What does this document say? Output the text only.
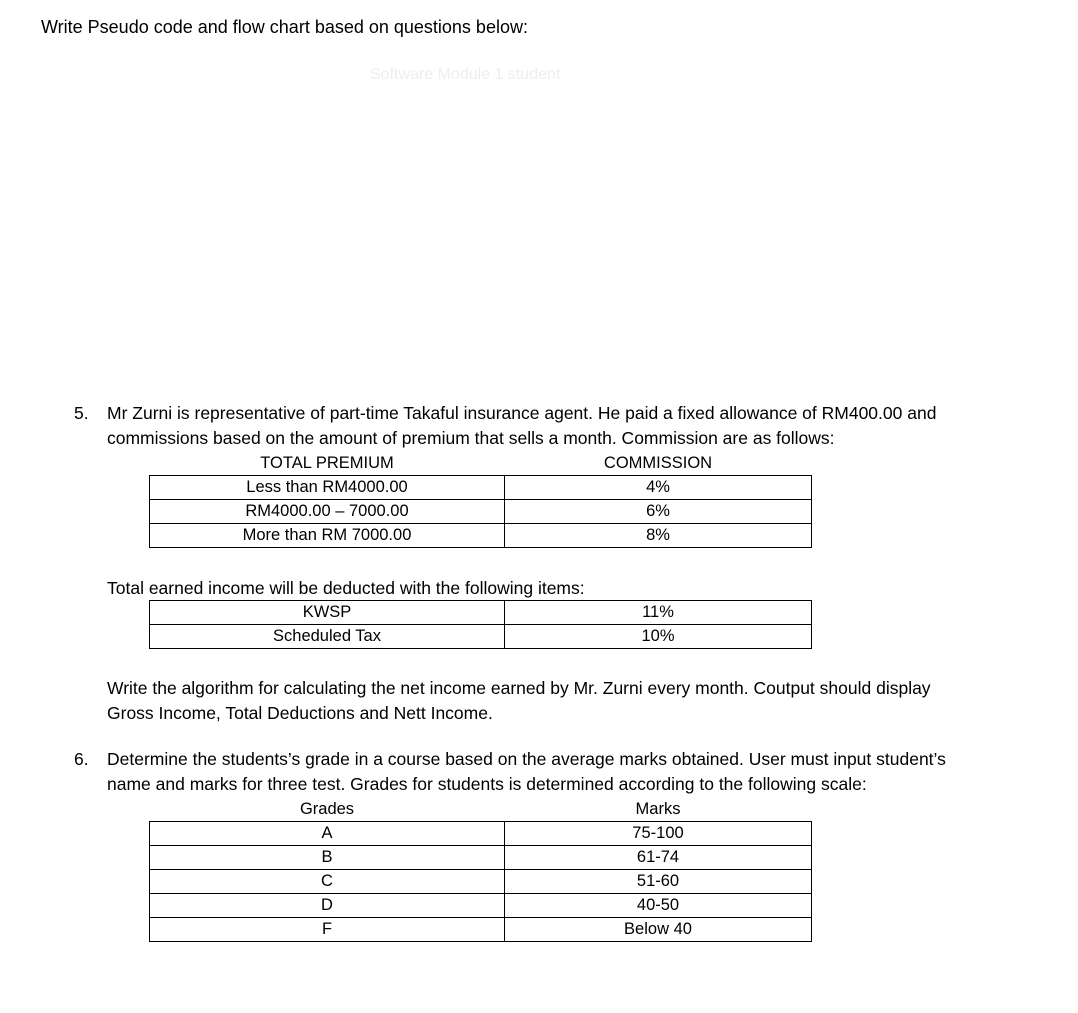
Write Pseudo code and flow chart based on questions below:
Software Module 1 student
5. Mr Zurni is representative of part-time Takaful insurance agent. He paid a fixed allowance of RM400.00 and
commissions based on the amount of premium that sells a month. Commission are as follows:
TOTAL PREMIUM	COMMISSION
Less than RM4000.00	4%
RM4000.00 – 7000.00	6%
More than RM 7000.00	8%
Total earned income will be deducted with the following items:
KWSP	11%
Scheduled Tax	10%
Write the algorithm for calculating the net income earned by Mr. Zurni every month. Coutput should display
Gross Income, Total Deductions and Nett Income.
6. Determine the students’s grade in a course based on the average marks obtained. User must input student’s
name and marks for three test. Grades for students is determined according to the following scale:
Grades	Marks
A	75-100
B	61-74
C	51-60
D	40-50
F	Below 40
